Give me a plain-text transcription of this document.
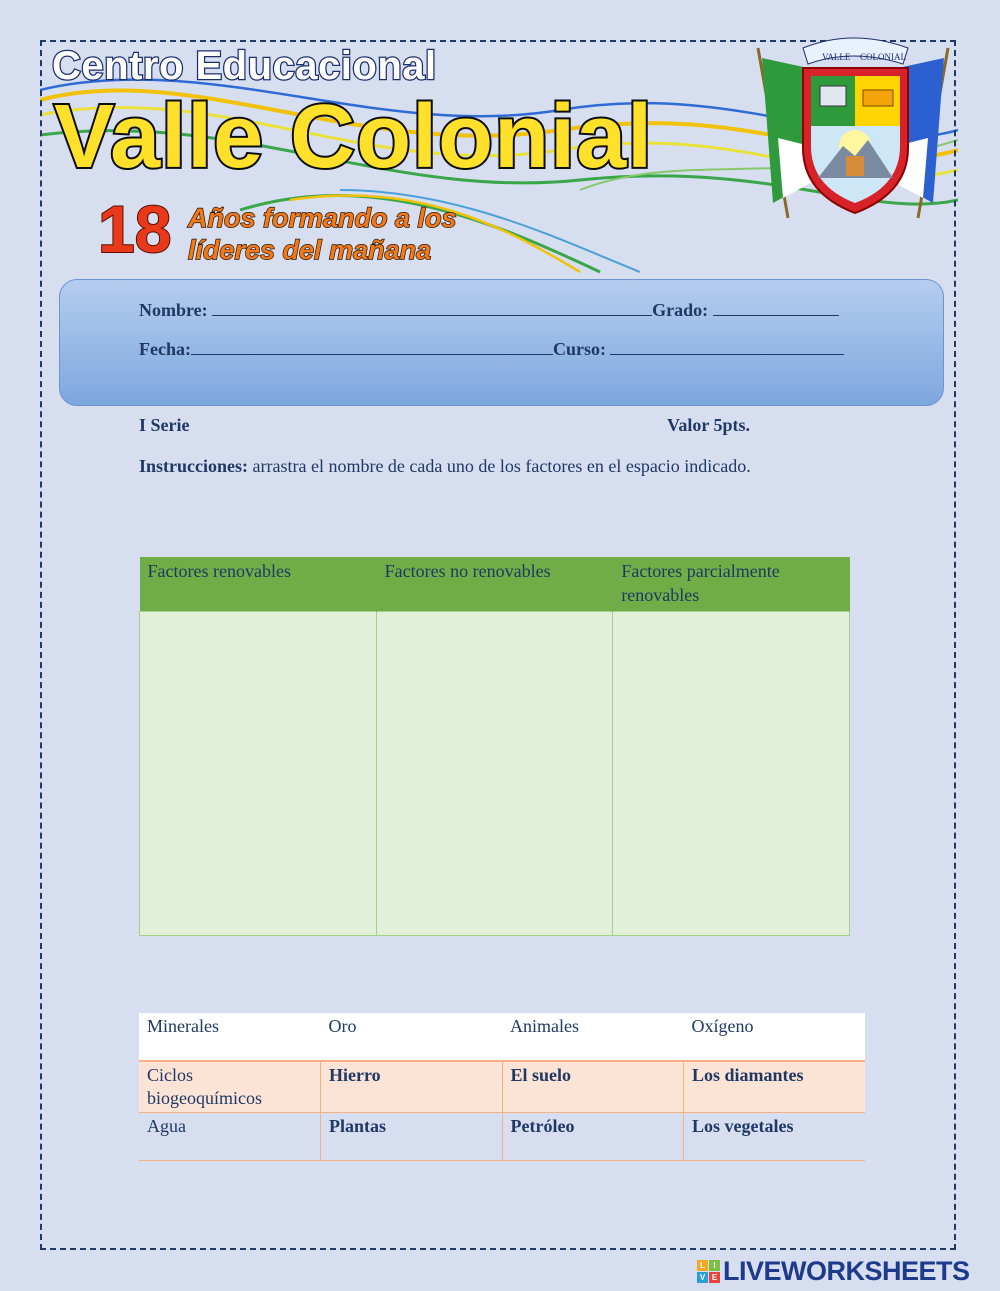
Centro Educacional
Valle Colonial
18 Años formando a los
líderes del mañana
VALLE COLONIAL
Nombre:	Grado:
Fecha:	Curso:
I Serie	Valor 5pts.
Instrucciones: arrastra el nombre de cada uno de los factores en el espacio indicado.
Factores renovables	Factores no renovables	Factores parcialmente renovables

Minerales	Oro	Animales	Oxígeno
Ciclos biogeoquímicos	Hierro	El suelo	Los diamantes
Agua	Plantas	Petróleo	Los vegetales
L	I
V E LIVEWORKSHEETS
